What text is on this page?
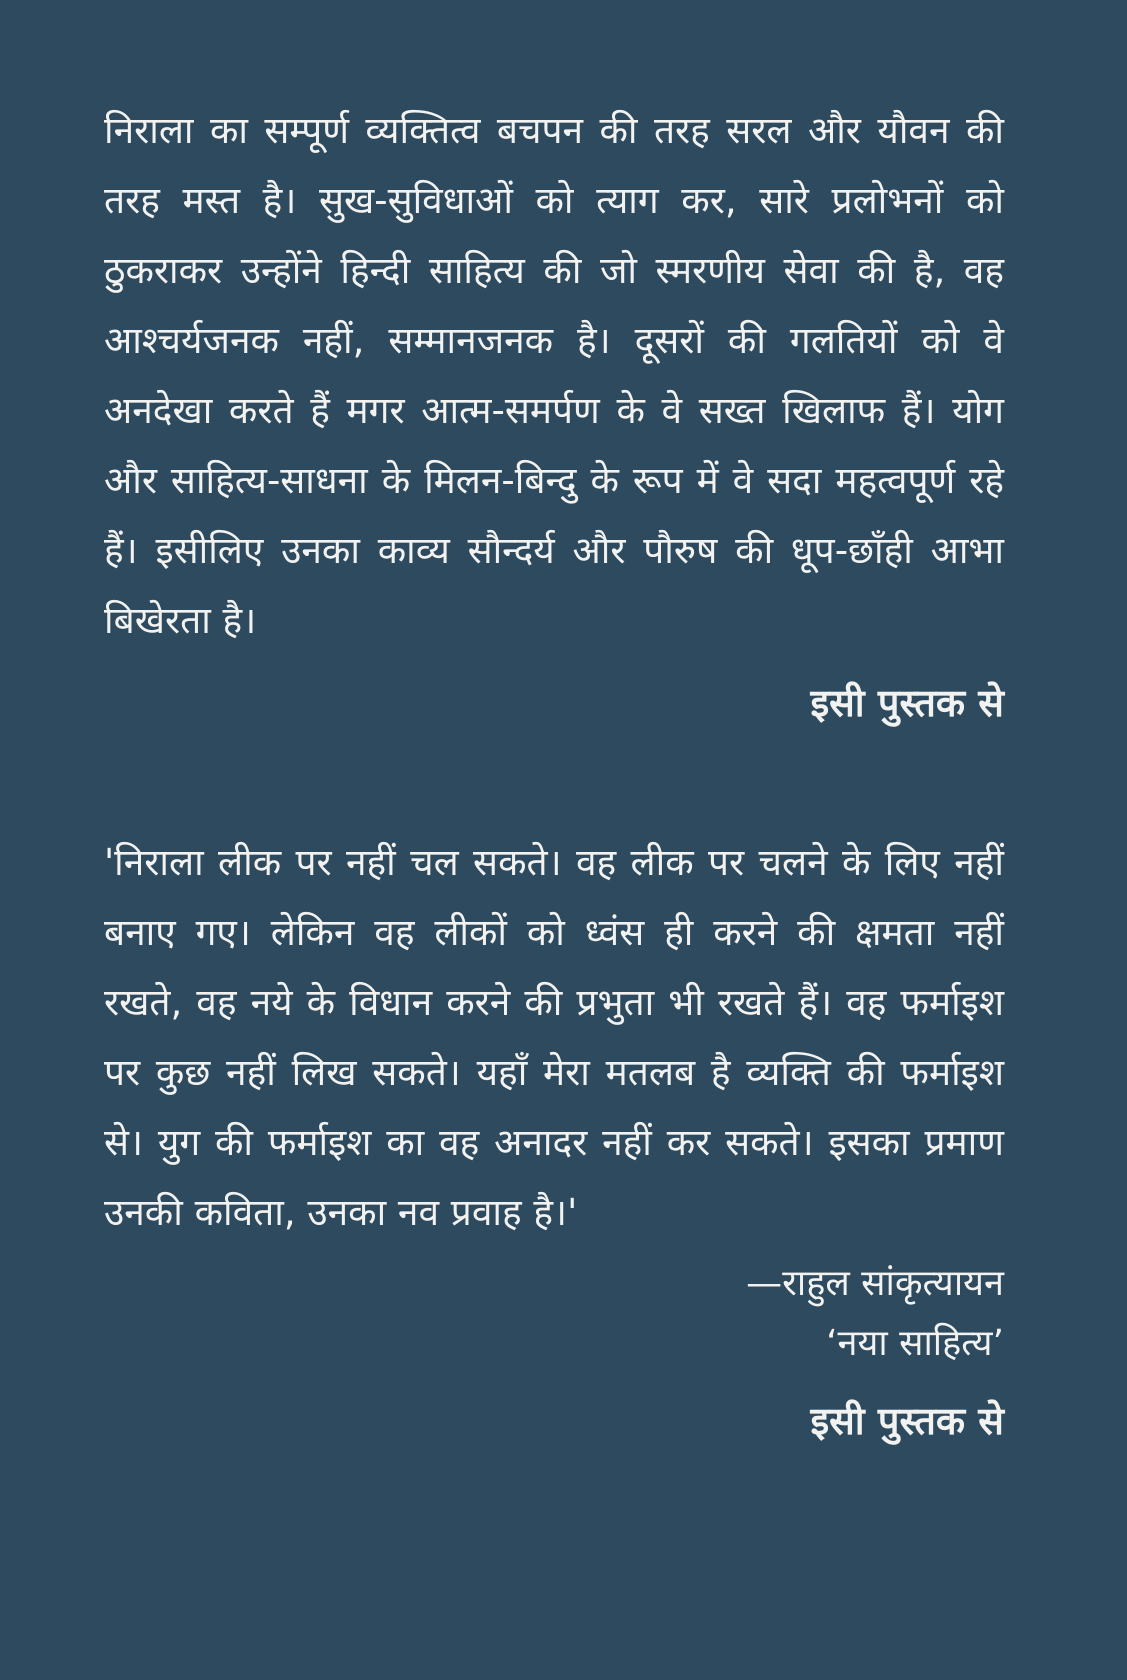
निराला का सम्पूर्ण व्यक्तित्व बचपन की तरह सरल और यौवन की तरह मस्त है। सुख-सुविधाओं को त्याग कर, सारे प्रलोभनों को ठुकराकर उन्होंने हिन्दी साहित्य की जो स्मरणीय सेवा की है, वह आश्चर्यजनक नहीं, सम्मानजनक है। दूसरों की गलतियों को वे अनदेखा करते हैं मगर आत्म-समर्पण के वे सख्त खिलाफ हैं। योग और साहित्य-साधना के मिलन-बिन्दु के रूप में वे सदा महत्वपूर्ण रहे हैं। इसीलिए उनका काव्य सौन्दर्य और पौरुष की धूप-छाँही आभा बिखेरता है।

इसी पुस्तक से

'निराला लीक पर नहीं चल सकते। वह लीक पर चलने के लिए नहीं बनाए गए। लेकिन वह लीकों को ध्वंस ही करने की क्षमता नहीं रखते, वह नये के विधान करने की प्रभुता भी रखते हैं। वह फर्माइश पर कुछ नहीं लिख सकते। यहाँ मेरा मतलब है व्यक्ति की फर्माइश से। युग की फर्माइश का वह अनादर नहीं कर सकते। इसका प्रमाण उनकी कविता, उनका नव प्रवाह है।'

—राहुल सांकृत्यायन

‘नया साहित्य’

इसी पुस्तक से
